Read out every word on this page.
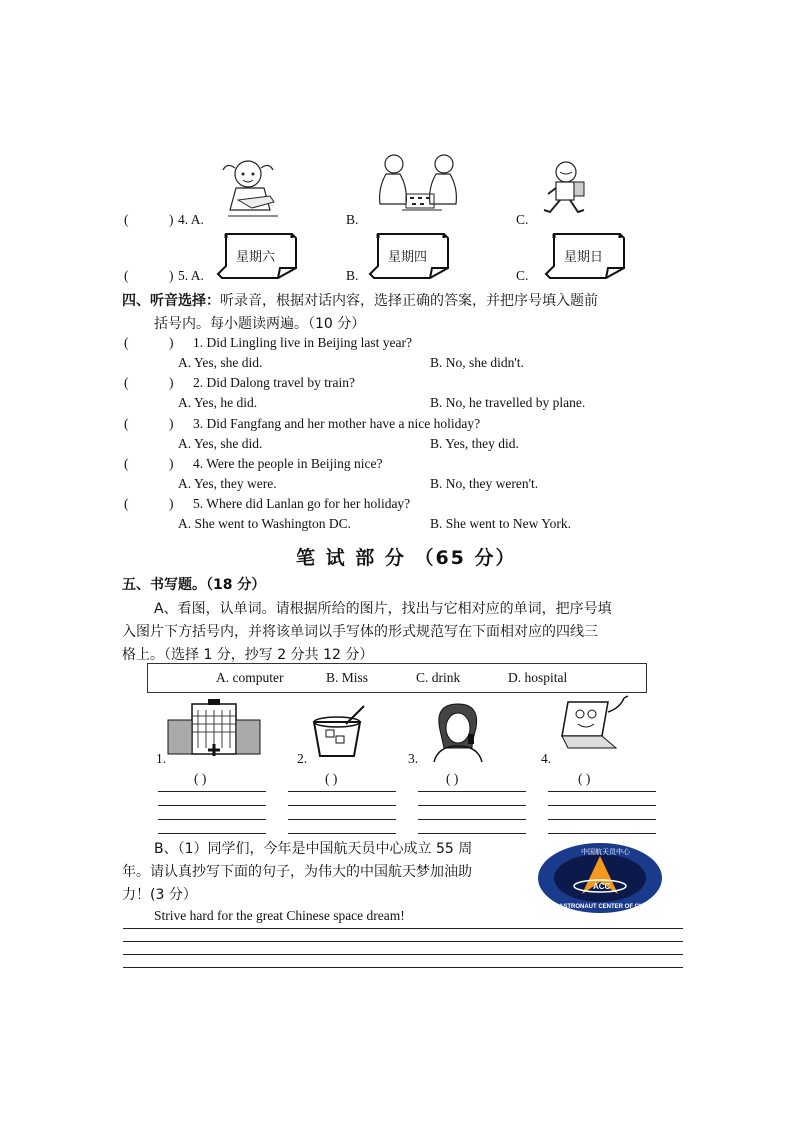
(	) 4. A.	B.	C.
(	) 5. A.	B.	C.
星期六	星期四	星期日
四、听音选择：听录音，根据对话内容，选择正确的答案，并把序号填入题前
括号内。每小题读两遍。（10 分）
(	) 1. Did Lingling live in Beijing last year?
A. Yes, she did.	B. No, she didn't.
(	) 2. Did Dalong travel by train?
A. Yes, he did.	B. No, he travelled by plane.
(	) 3. Did Fangfang and her mother have a nice holiday?
A. Yes, she did.	B. Yes, they did.
(	) 4. Were the people in Beijing nice?
A. Yes, they were.	B. No, they weren't.
(	) 5. Where did Lanlan go for her holiday?
A. She went to Washington DC.	B. She went to New York.
笔 试 部 分 （65 分）
五、书写题。（18 分）
A、看图，认单词。请根据所给的图片，找出与它相对应的单词，把序号填
入图片下方括号内，并将该单词以手写体的形式规范写在下面相对应的四线三
格上。（选择 1 分，抄写 2 分共 12 分）
A. computer	B. Miss	C. drink	D. hospital
1.	2.	3.	4.
( )	( )	( )	( )
B、（1）同学们，今年是中国航天员中心成立 55 周
年。请认真抄写下面的句子，为伟大的中国航天梦加油助
力！(3 分）
Strive hard for the great Chinese space dream!
ACC
中国航天员中心
ASTRONAUT CENTER OF CHINA
